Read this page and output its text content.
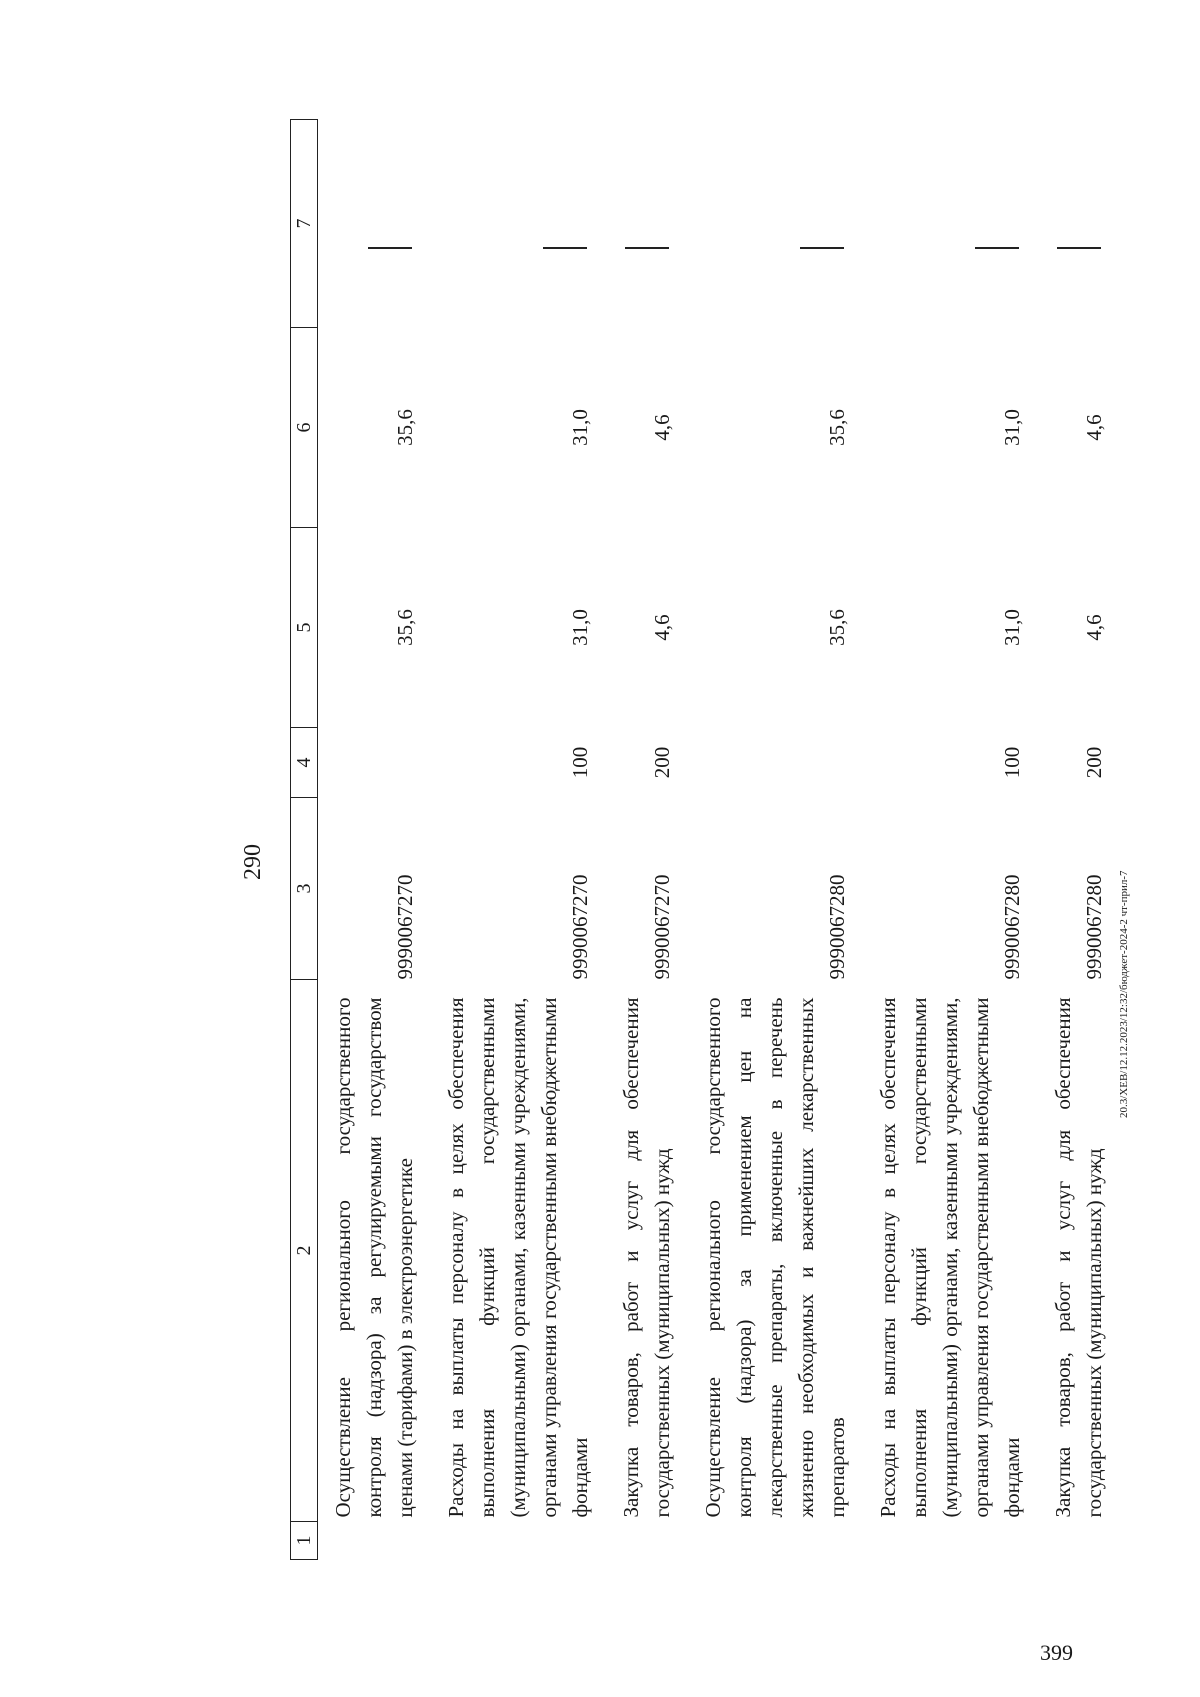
290
1	2	3	4	5	6	7
	Осуществление регионального государственного контроля (надзора) за регулируемыми государством ценами (тарифами) в электроэнергетике	9990067270		35,6	35,6	
	Расходы на выплаты персоналу в целях обеспечения выполнения функций государственными (муниципальными) органами, казенными учреждениями, органами управления государственными внебюджетными фондами	9990067270	100	31,0	31,0	
	Закупка товаров, работ и услуг для обеспечения государственных (муниципальных) нужд	9990067270	200	4,6	4,6	
	Осуществление регионального государственного контроля (надзора) за применением цен на лекарственные препараты, включенные в перечень жизненно необходимых и важнейших лекарственных препаратов	9990067280		35,6	35,6	
	Расходы на выплаты персоналу в целях обеспечения выполнения функций государственными (муниципальными) органами, казенными учреждениями, органами управления государственными внебюджетными фондами	9990067280	100	31,0	31,0	
	Закупка товаров, работ и услуг для обеспечения государственных (муниципальных) нужд	9990067280	200	4,6	4,6	
20.3/ХЕВ/12.12.2023/12:32/бюджет-2024-2 чт-прил-7
399
